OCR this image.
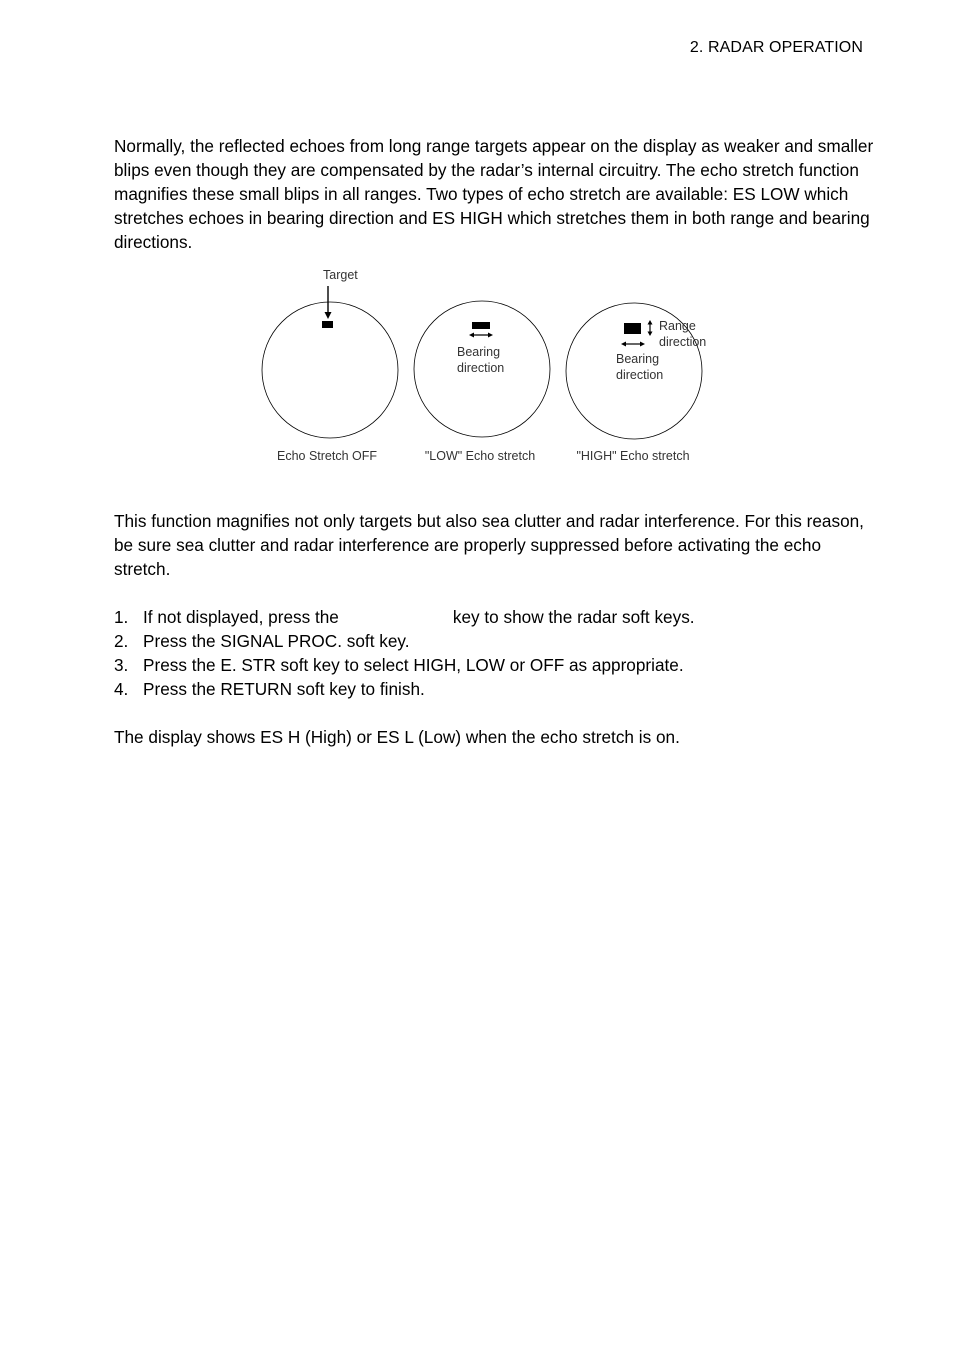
2. RADAR OPERATION

Normally, the reflected echoes from long range targets appear on the display as weaker and smaller blips even though they are compensated by the radar’s internal circuitry. The echo stretch function magnifies these small blips in all ranges. Two types of echo stretch are available: ES LOW which stretches echoes in bearing direction and ES HIGH which stretches them in both range and bearing directions.

Target
Echo Stretch OFF
Bearing
direction
"LOW" Echo stretch
Range
direction
Bearing
direction
"HIGH" Echo stretch

This function magnifies not only targets but also sea clutter and radar interference. For this reason, be sure sea clutter and radar interference are properly suppressed before activating the echo stretch.

1. If not displayed, press the	key to show the radar soft keys.
2. Press the SIGNAL PROC. soft key.
3. Press the E. STR soft key to select HIGH, LOW or OFF as appropriate.
4. Press the RETURN soft key to finish.

The display shows ES H (High) or ES L (Low) when the echo stretch is on.
